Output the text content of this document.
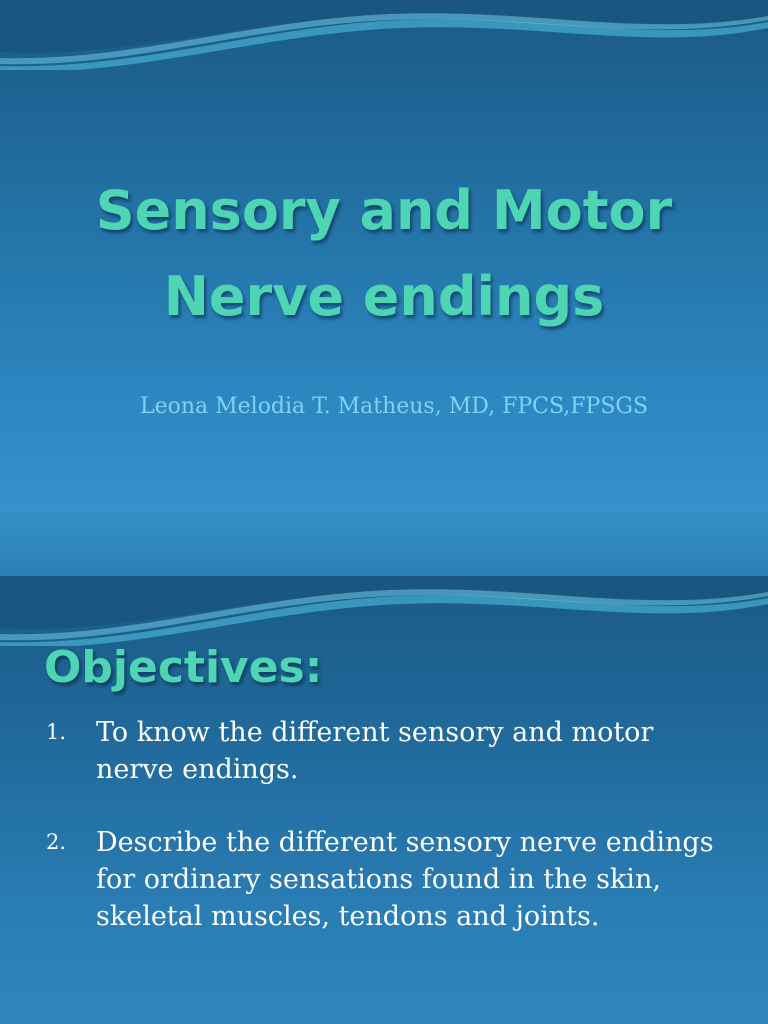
Sensory and Motor
Nerve endings

Leona Melodia T. Matheus, MD, FPCS,FPSGS

Objectives:
1. To know the different sensory and motor nerve endings.
2. Describe the different sensory nerve endings for ordinary sensations found in the skin, skeletal muscles, tendons and joints.
